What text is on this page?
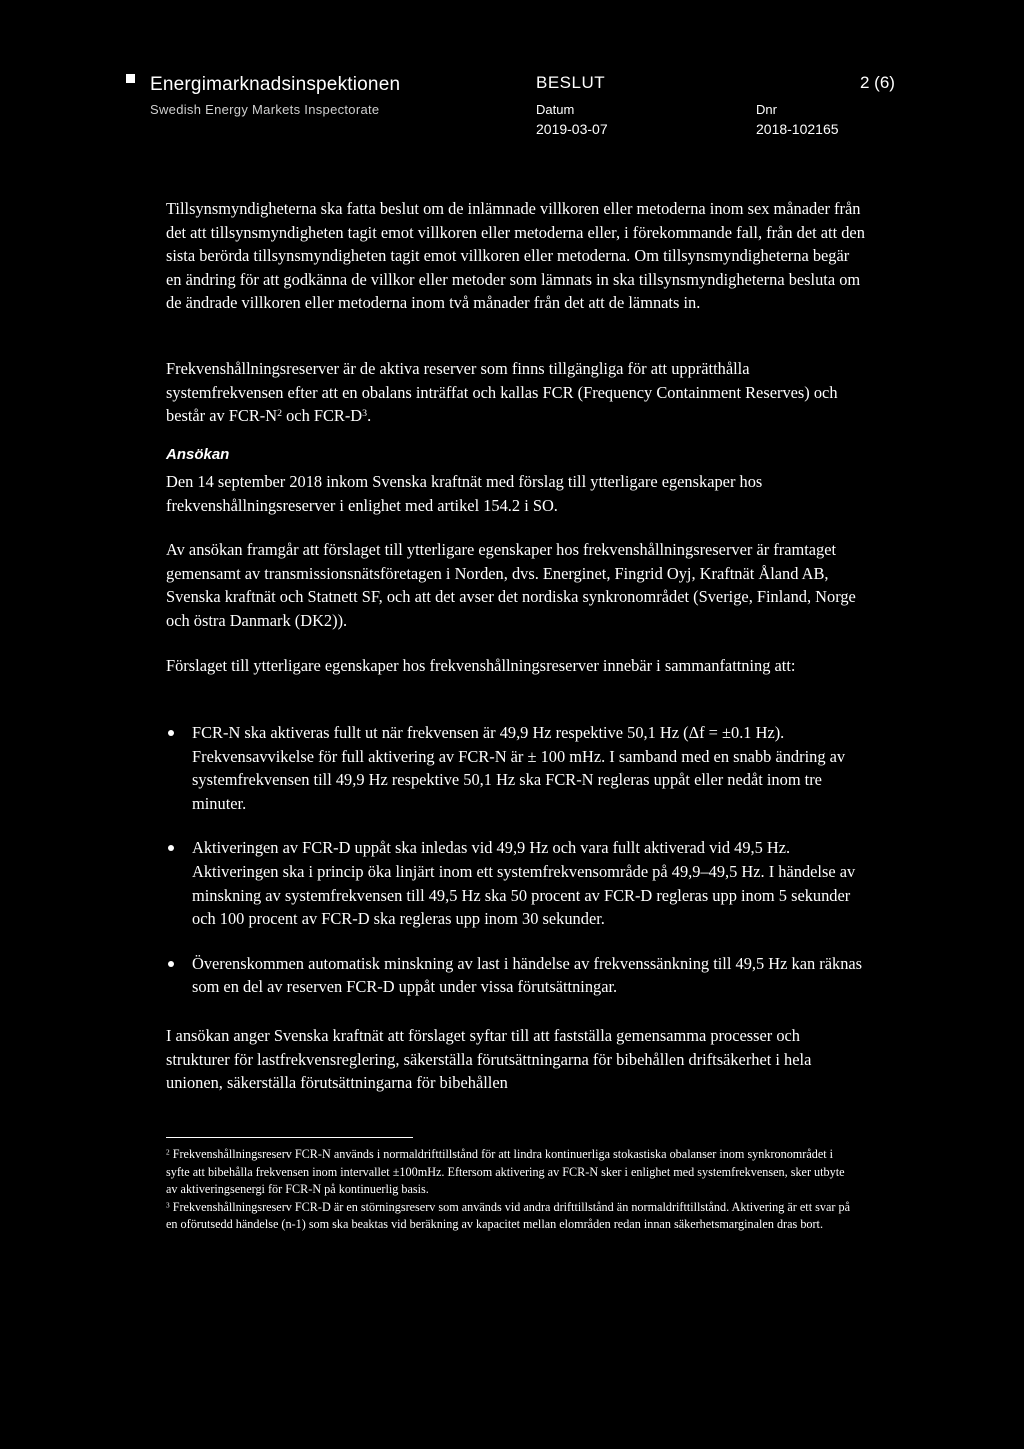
Energimarknadsinspektionen
Swedish Energy Markets Inspectorate
BESLUT	2 (6)
Datum
2019-03-07
Dnr
2018-102165

Tillsynsmyndigheterna ska fatta beslut om de inlämnade villkoren eller metoderna inom sex månader från det att tillsynsmyndigheten tagit emot villkoren eller metoderna eller, i förekommande fall, från det att den sista berörda tillsynsmyndigheten tagit emot villkoren eller metoderna. Om tillsynsmyndigheterna begär en ändring för att godkänna de villkor eller metoder som lämnats in ska tillsynsmyndigheterna besluta om de ändrade villkoren eller metoderna inom två månader från det att de lämnats in.

Frekvenshållningsreserver är de aktiva reserver som finns tillgängliga för att upprätthålla systemfrekvensen efter att en obalans inträffat och kallas FCR (Frequency Containment Reserves) och består av FCR-$N^2$ och FCR-$D^3$.

Ansökan

Den 14 september 2018 inkom Svenska kraftnät med förslag till ytterligare egenskaper hos frekvenshållningsreserver i enlighet med artikel 154.2 i SO.

Av ansökan framgår att förslaget till ytterligare egenskaper hos frekvenshållningsreserver är framtaget gemensamt av transmissionsnätsföretagen i Norden, dvs. Energinet, Fingrid Oyj, Kraftnät Åland AB, Svenska kraftnät och Statnett SF, och att det avser det nordiska synkronområdet (Sverige, Finland, Norge och östra Danmark (DK2)).

Förslaget till ytterligare egenskaper hos frekvenshållningsreserver innebär i sammanfattning att:

FCR-N ska aktiveras fullt ut när frekvensen är 49,9 Hz respektive 50,1 Hz (Δf = ±0.1 Hz). Frekvensavvikelse för full aktivering av FCR-N är ± 100 mHz. I samband med en snabb ändring av systemfrekvensen till 49,9 Hz respektive 50,1 Hz ska FCR-N regleras uppåt eller nedåt inom tre minuter.
Aktiveringen av FCR-D uppåt ska inledas vid 49,9 Hz och vara fullt aktiverad vid 49,5 Hz. Aktiveringen ska i princip öka linjärt inom ett systemfrekvensområde på 49,9–49,5 Hz. I händelse av minskning av systemfrekvensen till 49,5 Hz ska 50 procent av FCR-D regleras upp inom 5 sekunder och 100 procent av FCR-D ska regleras upp inom 30 sekunder.
Överenskommen automatisk minskning av last i händelse av frekvenssänkning till 49,5 Hz kan räknas som en del av reserven FCR-D uppåt under vissa förutsättningar.

I ansökan anger Svenska kraftnät att förslaget syftar till att fastställa gemensamma processer och strukturer för lastfrekvensreglering, säkerställa förutsättningarna för bibehållen driftsäkerhet i hela unionen, säkerställa förutsättningarna för bibehållen

$^2$ Frekvenshållningsreserv FCR-N används i normaldrifttillstånd för att lindra kontinuerliga stokastiska obalanser inom synkronområdet i syfte att bibehålla frekvensen inom intervallet ±100mHz. Eftersom aktivering av FCR-N sker i enlighet med systemfrekvensen, sker utbyte av aktiveringsenergi för FCR-N på kontinuerlig basis.

$^3$ Frekvenshållningsreserv FCR-D är en störningsreserv som används vid andra drifttillstånd än normaldrifttillstånd. Aktivering är ett svar på en oförutsedd händelse (n-1) som ska beaktas vid beräkning av kapacitet mellan elområden redan innan säkerhetsmarginalen dras bort.
